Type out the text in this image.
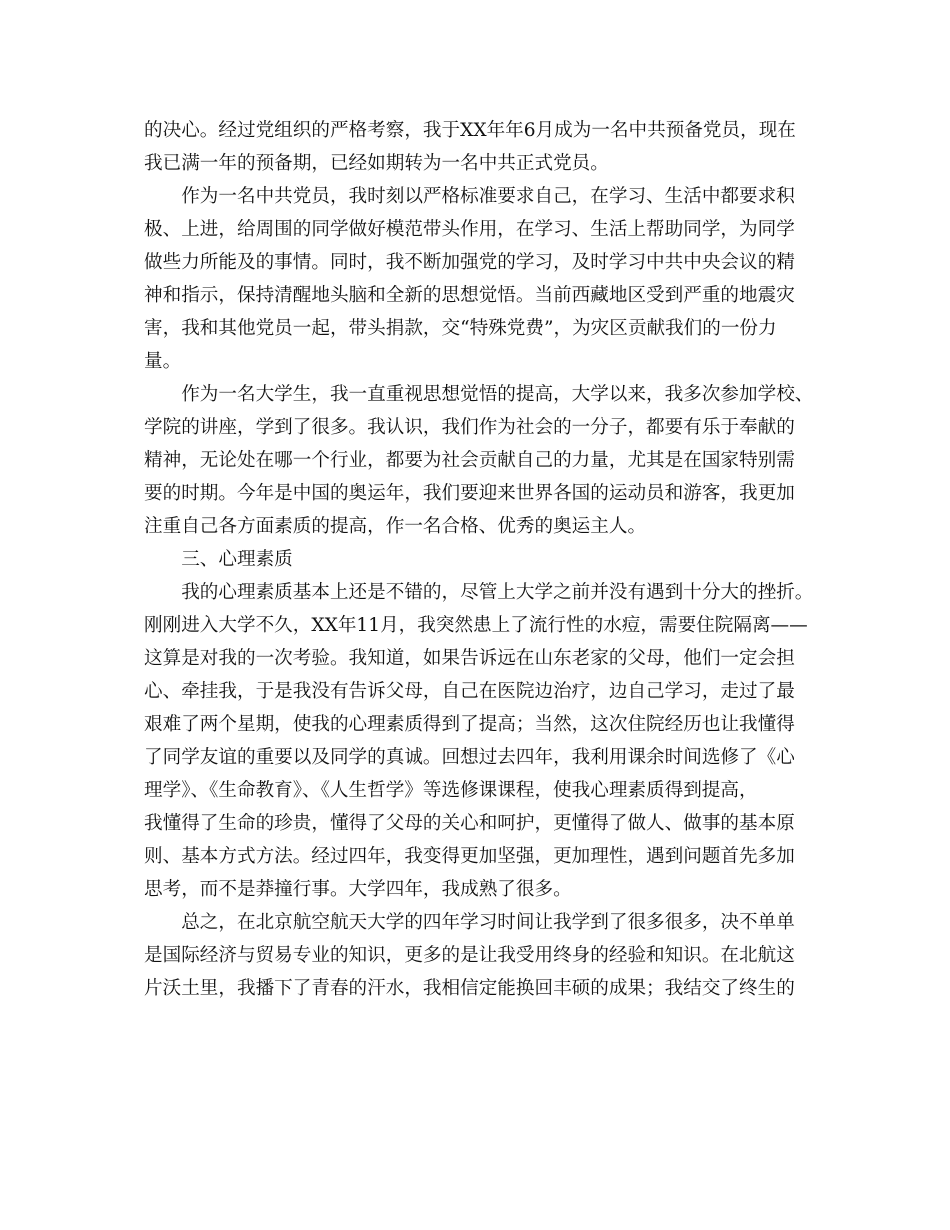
的决心。经过党组织的严格考察，我于XX年年6月成为一名中共预备党员，现在
我已满一年的预备期，已经如期转为一名中共正式党员。
　　作为一名中共党员，我时刻以严格标准要求自己，在学习、生活中都要求积
极、上进，给周围的同学做好模范带头作用，在学习、生活上帮助同学，为同学
做些力所能及的事情。同时，我不断加强党的学习，及时学习中共中央会议的精
神和指示，保持清醒地头脑和全新的思想觉悟。当前西藏地区受到严重的地震灾
害，我和其他党员一起，带头捐款，交“特殊党费”，为灾区贡献我们的一份力
量。
　　作为一名大学生，我一直重视思想觉悟的提高，大学以来，我多次参加学校、
学院的讲座，学到了很多。我认识，我们作为社会的一分子，都要有乐于奉献的
精神，无论处在哪一个行业，都要为社会贡献自己的力量，尤其是在国家特别需
要的时期。今年是中国的奥运年，我们要迎来世界各国的运动员和游客，我更加
注重自己各方面素质的提高，作一名合格、优秀的奥运主人。
　　三、心理素质
　　我的心理素质基本上还是不错的，尽管上大学之前并没有遇到十分大的挫折。
刚刚进入大学不久，XX年11月，我突然患上了流行性的水痘，需要住院隔离——
这算是对我的一次考验。我知道，如果告诉远在山东老家的父母，他们一定会担
心、牵挂我，于是我没有告诉父母，自己在医院边治疗，边自己学习，走过了最
艰难了两个星期，使我的心理素质得到了提高；当然，这次住院经历也让我懂得
了同学友谊的重要以及同学的真诚。回想过去四年，我利用课余时间选修了《心
理学》、《生命教育》、《人生哲学》等选修课课程，使我心理素质得到提高，
我懂得了生命的珍贵，懂得了父母的关心和呵护，更懂得了做人、做事的基本原
则、基本方式方法。经过四年，我变得更加坚强，更加理性，遇到问题首先多加
思考，而不是莽撞行事。大学四年，我成熟了很多。
　　总之，在北京航空航天大学的四年学习时间让我学到了很多很多，决不单单
是国际经济与贸易专业的知识，更多的是让我受用终身的经验和知识。在北航这
片沃土里，我播下了青春的汗水，我相信定能换回丰硕的成果；我结交了终生的
